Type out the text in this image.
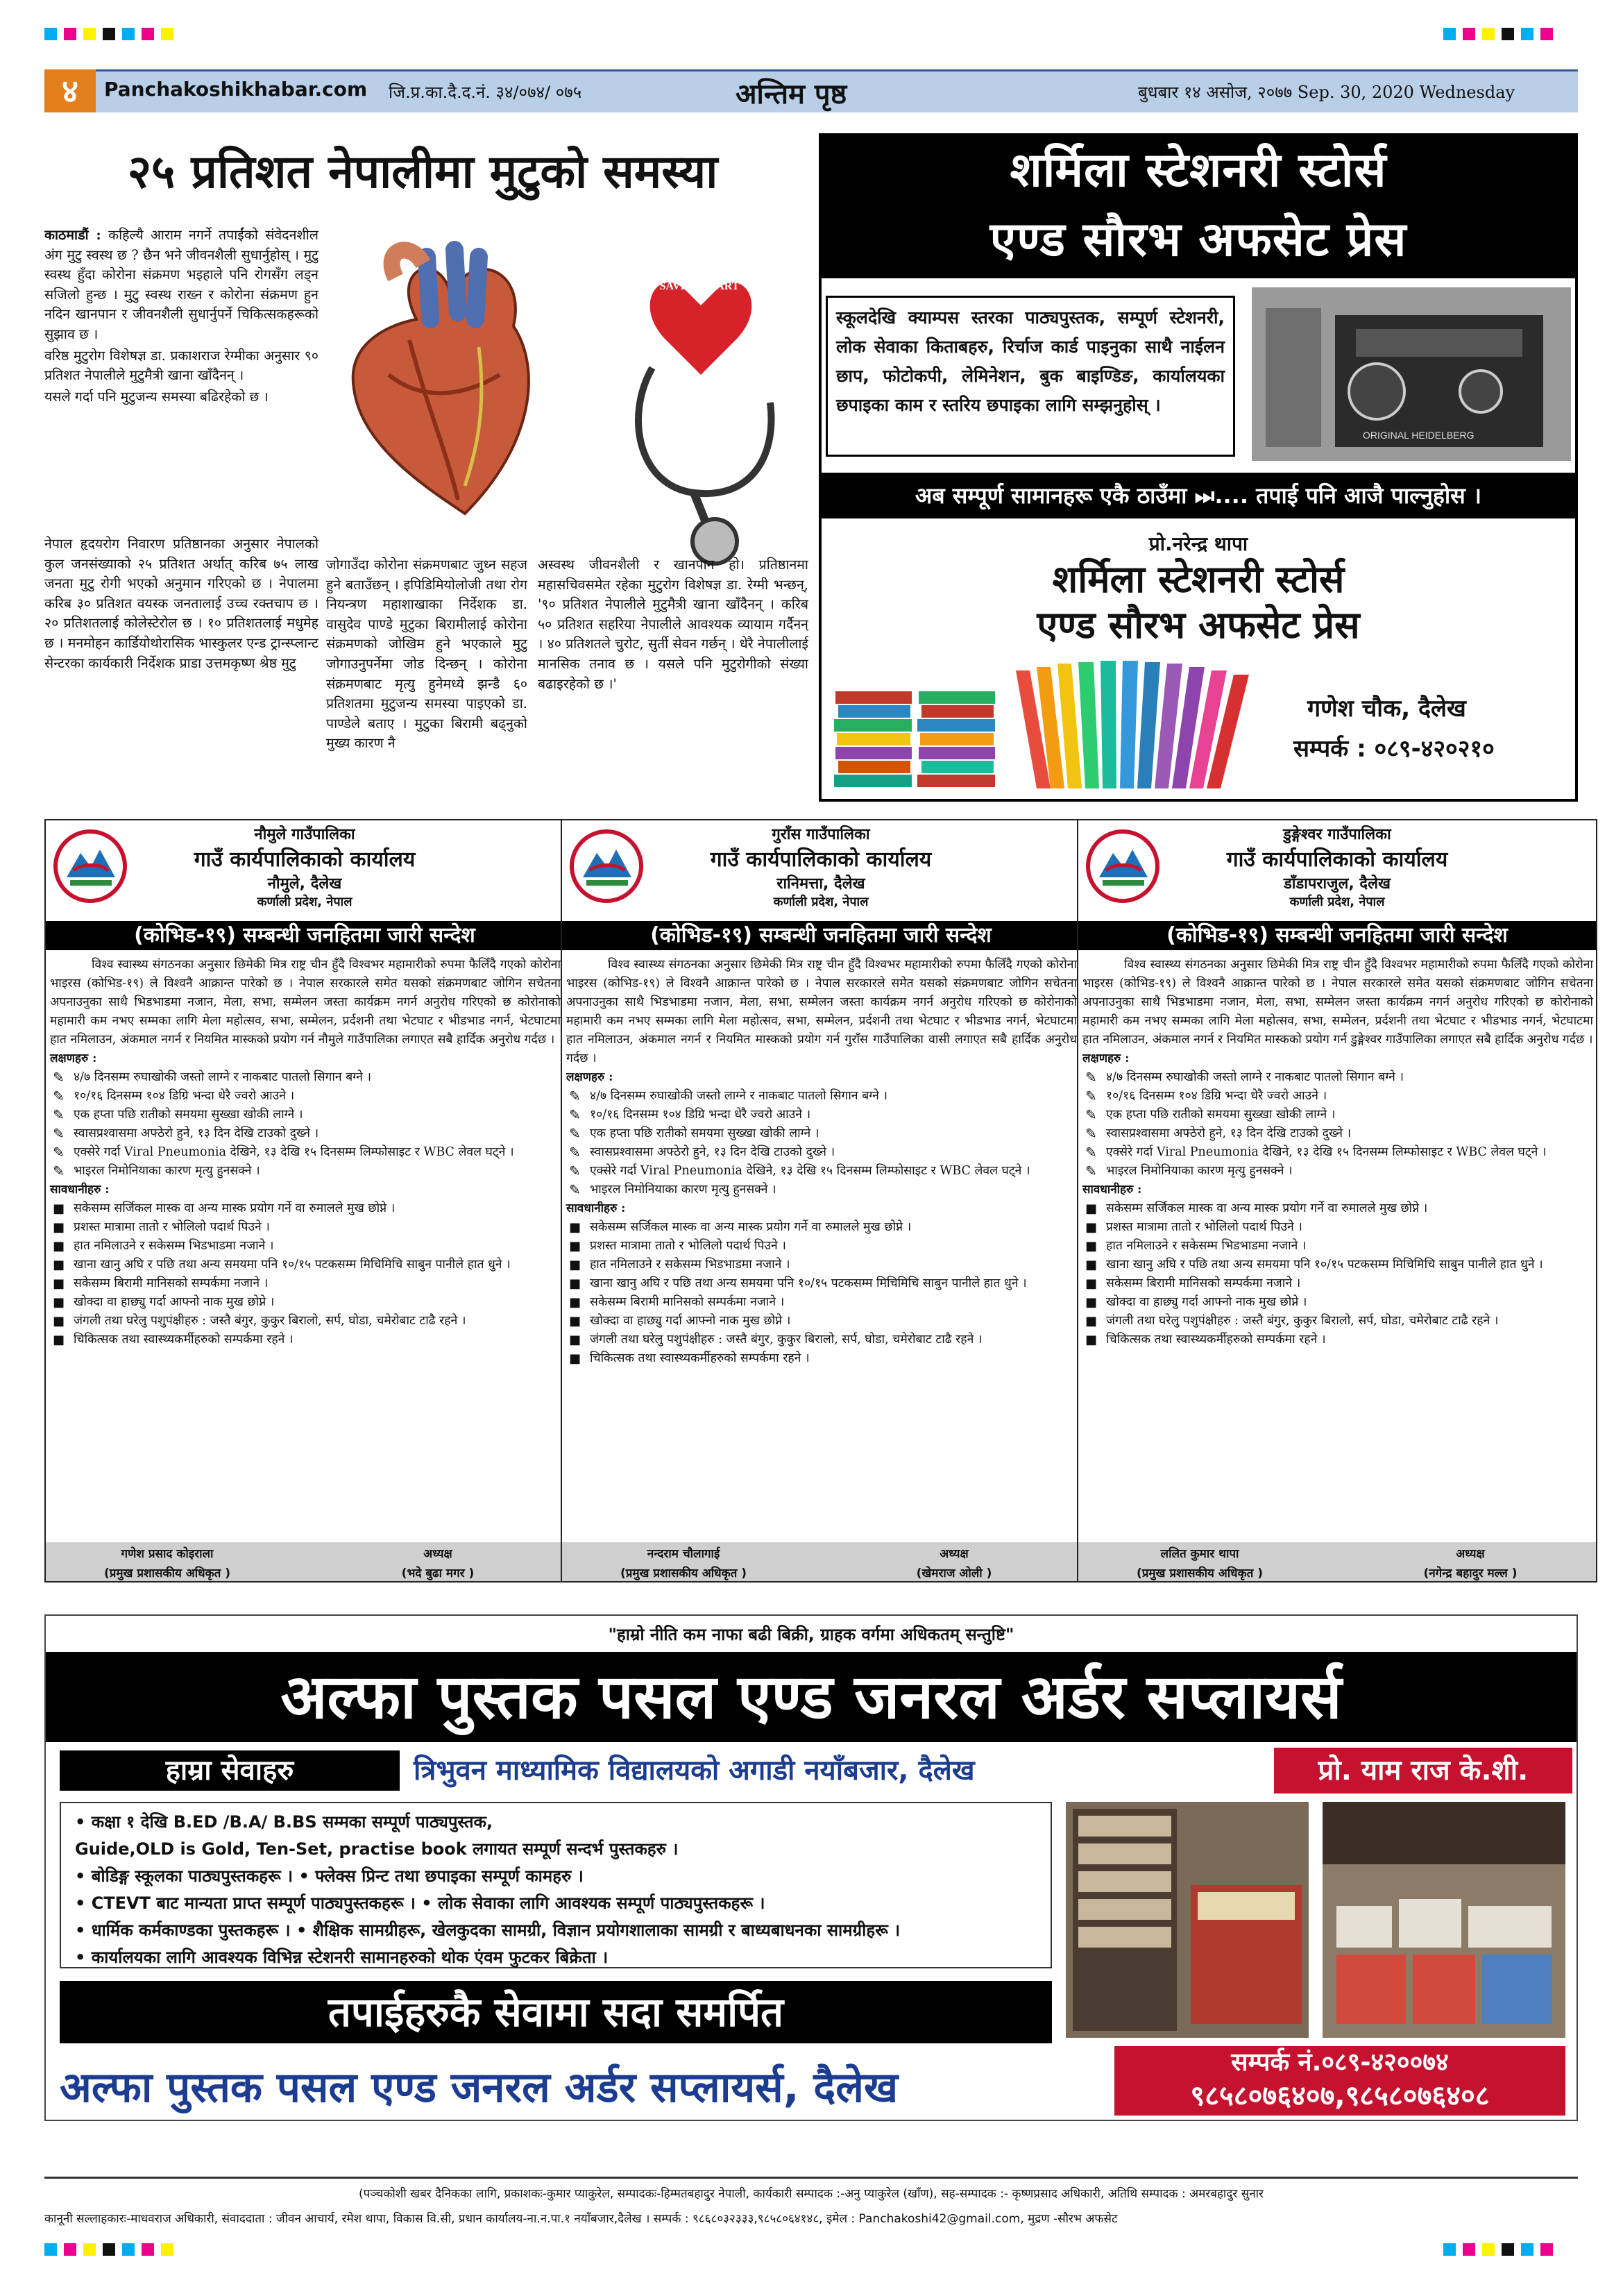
४	Panchakoshikhabar.com जि.प्र.का.दै.द.नं. ३४/०७४/ ०७५	अन्तिम पृष्ठ	बुधबार १४ असोज, २०७७ Sep. 30, 2020 Wednesday
२५ प्रतिशत नेपालीमा मुटुको समस्या
SAVE A HEART

काठमाडौं : कहिल्यै आराम नगर्ने तपाईंको संवेदनशील अंग मुटु स्वस्थ छ ? छैन भने जीवनशैली सुधार्नुहोस् । मुटु स्वस्थ हुँदा कोरोना संक्रमण भइहाले पनि रोगसँग लड्न सजिलो हुन्छ । मुटु स्वस्थ राख्न र कोरोना संक्रमण हुन नदिन खानपान र जीवनशैली सुधार्नुपर्ने चिकित्सकहरूको सुझाव छ ।

वरिष्ठ मुटुरोग विशेषज्ञ डा. प्रकाशराज रेग्मीका अनुसार ९० प्रतिशत नेपालीले मुटुमैत्री खाना खाँदैनन् ।

यसले गर्दा पनि मुटुजन्य समस्या बढिरहेको छ ।

नेपाल हृदयरोग निवारण प्रतिष्ठानका अनुसार नेपालको कुल जनसंख्याको २५ प्रतिशत अर्थात् करिब ७५ लाख जनता मुटु रोगी भएको अनुमान गरिएको छ । नेपालमा करिब ३० प्रतिशत वयस्क जनतालाई उच्च रक्तचाप छ । २० प्रतिशतलाई कोलेस्टेरोल छ । १० प्रतिशतलाई मधुमेह छ । मनमोहन कार्डियोथोरासिक भास्कुलर एन्ड ट्रान्स्प्लान्ट सेन्टरका कार्यकारी निर्देशक प्राडा उत्तमकृष्ण श्रेष्ठ मुटु
जोगाउँदा कोरोना संक्रमणबाट जुध्न सहज हुने बताउँछन् । इपिडिमियोलोजी तथा रोग नियन्त्रण महाशाखाका निर्देशक डा. वासुदेव पाण्डे मुटुका बिरामीलाई कोरोना संक्रमणको जोखिम हुने भएकाले मुटु जोगाउनुपर्नेमा जोड दिन्छन् । कोरोना संक्रमणबाट मृत्यु हुनेमध्ये झन्डै ६० प्रतिशतमा मुटुजन्य समस्या पाइएको डा. पाण्डेले बताए । मुटुका बिरामी बढ्नुको मुख्य कारण नै
अस्वस्थ जीवनशैली र खानपान हो। प्रतिष्ठानमा महासचिवसमेत रहेका मुटुरोग विशेषज्ञ डा. रेग्मी भन्छन्, '९० प्रतिशत नेपालीले मुटुमैत्री खाना खाँदैनन् । करिब ५० प्रतिशत सहरिया नेपालीले आवश्यक व्यायाम गर्दैनन् । ४० प्रतिशतले चुरोट, सुर्ती सेवन गर्छन् । धेरै नेपालीलाई मानसिक तनाव छ । यसले पनि मुटुरोगीको संख्या बढाइरहेको छ ।'
शर्मिला स्टेशनरी स्टोर्स
एण्ड सौरभ अफसेट प्रेस
स्कूलदेखि क्याम्पस स्तरका पाठ्यपुस्तक, सम्पूर्ण स्टेशनरी, लोक सेवाका किताबहरु, रिर्चाज कार्ड पाइनुका साथै नाईलन छाप, फोटोकपी, लेमिनेशन, बुक बाइण्डिङ, कार्यालयका छपाइका काम र स्तरिय छपाइका लागि सम्झनुहोस् ।
ORIGINAL HEIDELBERG
अब सम्पूर्ण सामानहरू एकै ठाउँमा ⏭.... तपाई पनि आजै पाल्नुहोस ।
प्रो.नरेन्द्र थापा
शर्मिला स्टेशनरी स्टोर्स
एण्ड सौरभ अफसेट प्रेस
गणेश चौक, दैलेख
सम्पर्क : ०८९-४२०२१०
नौमुले गाउँपालिका
गाउँ कार्यपालिकाको कार्यालय
नौमुले, दैलेख
कर्णाली प्रदेश, नेपाल
(कोभिड-१९) सम्बन्धी जनहितमा जारी सन्देश
विश्व स्वास्थ्य संगठनका अनुसार छिमेकी मित्र राष्ट्र चीन हुँदै विश्वभर महामारीको रुपमा फैलिँदै गएको कोरोना भाइरस (कोभिड-१९) ले विश्वनै आक्रान्त पारेको छ । नेपाल सरकारले समेत यसको संक्रमणबाट जोगिन सचेतना अपनाउनुका साथै भिडभाडमा नजान, मेला, सभा, सम्मेलन जस्ता कार्यक्रम नगर्न अनुरोध गरिएको छ कोरोनाको महामारी कम नभए सम्मका लागि मेला महोत्सव, सभा, सम्मेलन, प्रर्दशनी तथा भेटघाट र भीडभाड नगर्न, भेटघाटमा हात नमिलाउन, अंकमाल नगर्न र नियमित मास्कको प्रयोग गर्न नौमुले गाउँपालिका लगाएत सबै हार्दिक अनुरोध गर्दछ ।
लक्षणहरु :
✎ ४/७ दिनसम्म रुघाखोकी जस्तो लाग्ने र नाकबाट पातलो सिगान बग्ने ।
✎ १०/१६ दिनसम्म १०४ डिग्रि भन्दा धेरै ज्वरो आउने ।
✎ एक हप्ता पछि रातीको समयमा सुख्खा खोकी लाग्ने ।
✎ स्वासप्रश्वासमा अफ्ठेरो हुने, १३ दिन देखि टाउको दुख्ने ।
✎ एक्सेरे गर्दा Viral Pneumonia देखिने, १३ देखि १५ दिनसम्म लिम्फोसाइट र WBC लेवल घट्ने ।
✎ भाइरल निमोनियाका कारण मृत्यु हुनसक्ने ।
सावधानीहरु :
■ सकेसम्म सर्जिकल मास्क वा अन्य मास्क प्रयोग गर्ने वा रुमालले मुख छोप्ने ।
■ प्रशस्त मात्रामा तातो र भोलिलो पदार्थ पिउने ।
■ हात नमिलाउने र सकेसम्म भिडभाडमा नजाने ।
■ खाना खानु अघि र पछि तथा अन्य समयमा पनि १०/१५ पटकसम्म मिचिमिचि साबुन पानीले हात धुने ।
■ सकेसम्म बिरामी मानिसको सम्पर्कमा नजाने ।
■ खोक्दा वा हाछ्यु गर्दा आफ्नो नाक मुख छोप्ने ।
■ जंगली तथा घरेलु पशुपंक्षीहरु : जस्तै बंगुर, कुकुर बिरालो, सर्प, घोडा, चमेरोबाट टाढै रहने ।
■ चिकित्सक तथा स्वास्थ्यकर्मीहरुको सम्पर्कमा रहने ।
गणेश प्रसाद कोइराला
(प्रमुख प्रशासकीय अधिकृत )
अध्यक्ष
(भदे बुढा मगर )
गुराँस गाउँपालिका
गाउँ कार्यपालिकाको कार्यालय
रानिमत्ता, दैलेख
कर्णाली प्रदेश, नेपाल
(कोभिड-१९) सम्बन्धी जनहितमा जारी सन्देश
विश्व स्वास्थ्य संगठनका अनुसार छिमेकी मित्र राष्ट्र चीन हुँदै विश्वभर महामारीको रुपमा फैलिँदै गएको कोरोना भाइरस (कोभिड-१९) ले विश्वनै आक्रान्त पारेको छ । नेपाल सरकारले समेत यसको संक्रमणबाट जोगिन सचेतना अपनाउनुका साथै भिडभाडमा नजान, मेला, सभा, सम्मेलन जस्ता कार्यक्रम नगर्न अनुरोध गरिएको छ कोरोनाको महामारी कम नभए सम्मका लागि मेला महोत्सव, सभा, सम्मेलन, प्रर्दशनी तथा भेटघाट र भीडभाड नगर्न, भेटघाटमा हात नमिलाउन, अंकमाल नगर्न र नियमित मास्कको प्रयोग गर्न गुराँस गाउँपालिका वासी लगाएत सबै हार्दिक अनुरोध गर्दछ ।
लक्षणहरु :
✎ ४/७ दिनसम्म रुघाखोकी जस्तो लाग्ने र नाकबाट पातलो सिगान बग्ने ।
✎ १०/१६ दिनसम्म १०४ डिग्रि भन्दा धेरै ज्वरो आउने ।
✎ एक हप्ता पछि रातीको समयमा सुख्खा खोकी लाग्ने ।
✎ स्वासप्रश्वासमा अफ्ठेरो हुने, १३ दिन देखि टाउको दुख्ने ।
✎ एक्सेरे गर्दा Viral Pneumonia देखिने, १३ देखि १५ दिनसम्म लिम्फोसाइट र WBC लेवल घट्ने ।
✎ भाइरल निमोनियाका कारण मृत्यु हुनसक्ने ।
सावधानीहरु :
■ सकेसम्म सर्जिकल मास्क वा अन्य मास्क प्रयोग गर्ने वा रुमालले मुख छोप्ने ।
■ प्रशस्त मात्रामा तातो र भोलिलो पदार्थ पिउने ।
■ हात नमिलाउने र सकेसम्म भिडभाडमा नजाने ।
■ खाना खानु अघि र पछि तथा अन्य समयमा पनि १०/१५ पटकसम्म मिचिमिचि साबुन पानीले हात धुने ।
■ सकेसम्म बिरामी मानिसको सम्पर्कमा नजाने ।
■ खोक्दा वा हाछ्यु गर्दा आफ्नो नाक मुख छोप्ने ।
■ जंगली तथा घरेलु पशुपंक्षीहरु : जस्तै बंगुर, कुकुर बिरालो, सर्प, घोडा, चमेरोबाट टाढै रहने ।
■ चिकित्सक तथा स्वास्थ्यकर्मीहरुको सम्पर्कमा रहने ।
नन्दराम चौलागाई
(प्रमुख प्रशासकीय अधिकृत )
अध्यक्ष
(खेमराज ओली )
डुङ्गेश्वर गाउँपालिका
गाउँ कार्यपालिकाको कार्यालय
डाँडापराजुल, दैलेख
कर्णाली प्रदेश, नेपाल
(कोभिड-१९) सम्बन्धी जनहितमा जारी सन्देश
विश्व स्वास्थ्य संगठनका अनुसार छिमेकी मित्र राष्ट्र चीन हुँदै विश्वभर महामारीको रुपमा फैलिँदै गएको कोरोना भाइरस (कोभिड-१९) ले विश्वनै आक्रान्त पारेको छ । नेपाल सरकारले समेत यसको संक्रमणबाट जोगिन सचेतना अपनाउनुका साथै भिडभाडमा नजान, मेला, सभा, सम्मेलन जस्ता कार्यक्रम नगर्न अनुरोध गरिएको छ कोरोनाको महामारी कम नभए सम्मका लागि मेला महोत्सव, सभा, सम्मेलन, प्रर्दशनी तथा भेटघाट र भीडभाड नगर्न, भेटघाटमा हात नमिलाउन, अंकमाल नगर्न र नियमित मास्कको प्रयोग गर्न डुङ्गेश्वर गाउँपालिका लगाएत सबै हार्दिक अनुरोध गर्दछ ।
लक्षणहरु :
✎ ४/७ दिनसम्म रुघाखोकी जस्तो लाग्ने र नाकबाट पातलो सिगान बग्ने ।
✎ १०/१६ दिनसम्म १०४ डिग्रि भन्दा धेरै ज्वरो आउने ।
✎ एक हप्ता पछि रातीको समयमा सुख्खा खोकी लाग्ने ।
✎ स्वासप्रश्वासमा अफ्ठेरो हुने, १३ दिन देखि टाउको दुख्ने ।
✎ एक्सेरे गर्दा Viral Pneumonia देखिने, १३ देखि १५ दिनसम्म लिम्फोसाइट र WBC लेवल घट्ने ।
✎ भाइरल निमोनियाका कारण मृत्यु हुनसक्ने ।
सावधानीहरु :
■ सकेसम्म सर्जिकल मास्क वा अन्य मास्क प्रयोग गर्ने वा रुमालले मुख छोप्ने ।
■ प्रशस्त मात्रामा तातो र भोलिलो पदार्थ पिउने ।
■ हात नमिलाउने र सकेसम्म भिडभाडमा नजाने ।
■ खाना खानु अघि र पछि तथा अन्य समयमा पनि १०/१५ पटकसम्म मिचिमिचि साबुन पानीले हात धुने ।
■ सकेसम्म बिरामी मानिसको सम्पर्कमा नजाने ।
■ खोक्दा वा हाछ्यु गर्दा आफ्नो नाक मुख छोप्ने ।
■ जंगली तथा घरेलु पशुपंक्षीहरु : जस्तै बंगुर, कुकुर बिरालो, सर्प, घोडा, चमेरोबाट टाढै रहने ।
■ चिकित्सक तथा स्वास्थ्यकर्मीहरुको सम्पर्कमा रहने ।
ललित कुमार थापा
(प्रमुख प्रशासकीय अधिकृत )
अध्यक्ष
(नगेन्द्र बहादुर मल्ल )
"हाम्रो नीति कम नाफा बढी बिक्री, ग्राहक वर्गमा अधिकतम् सन्तुष्टि"
अल्फा पुस्तक पसल एण्ड जनरल अर्डर सप्लायर्स
हाम्रा सेवाहरु	त्रिभुवन माध्यामिक विद्यालयको अगाडी नयाँबजार, दैलेख	प्रो. याम राज के.शी.
• कक्षा १ देखि B.ED /B.A/ B.BS सम्मका सम्पूर्ण पाठ्यपुस्तक,
Guide,OLD is Gold, Ten-Set, practise book लगायत सम्पूर्ण सन्दर्भ पुस्तकहरु ।
• बोडिङ्ग स्कूलका पाठ्यपुस्तकहरू । • फ्लेक्स प्रिन्ट तथा छपाइका सम्पूर्ण कामहरु ।
• CTEVT बाट मान्यता प्राप्त सम्पूर्ण पाठ्यपुस्तकहरू । • लोक सेवाका लागि आवश्यक सम्पूर्ण पाठ्यपुस्तकहरू ।
• धार्मिक कर्मकाण्डका पुस्तकहरू । • शैक्षिक सामग्रीहरू, खेलकुदका सामग्री, विज्ञान प्रयोगशालाका सामग्री र बाध्यबाधनका सामग्रीहरू ।
• कार्यालयका लागि आवश्यक विभिन्न स्टेशनरी सामानहरुको थोक एंवम फुटकर बिक्रेता ।
तपाईहरुकै सेवामा सदा समर्पित
अल्फा पुस्तक पसल एण्ड जनरल अर्डर सप्लायर्स, दैलेख
सम्पर्क नं.०८९-४२००७४
९८५८०७६४०७,९८५८०७६४०८
(पञ्चकोशी खबर दैनिकका लागि, प्रकाशकः-कुमार प्याकुरेल, सम्पादकः-हिम्मतबहादुर नेपाली, कार्यकारी सम्पादक :-अनु प्याकुरेल (खाँण), सह-सम्पादक :- कृष्णप्रसाद अधिकारी, अतिथि सम्पादक : अमरबहादुर सुनार
कानूनी सल्लाहकारः-माधवराज अधिकारी, संवाददाता : जीवन आचार्य, रमेश थापा, विकास वि.सी, प्रधान कार्यालय-ना.न.पा.१ नयाँबजार,दैलेख । सम्पर्क : ९८६८०३२३३३,९८५८०६४१४८, इमेल : Panchakoshi42@gmail.com, मुद्रण -सौरभ अफसेट
